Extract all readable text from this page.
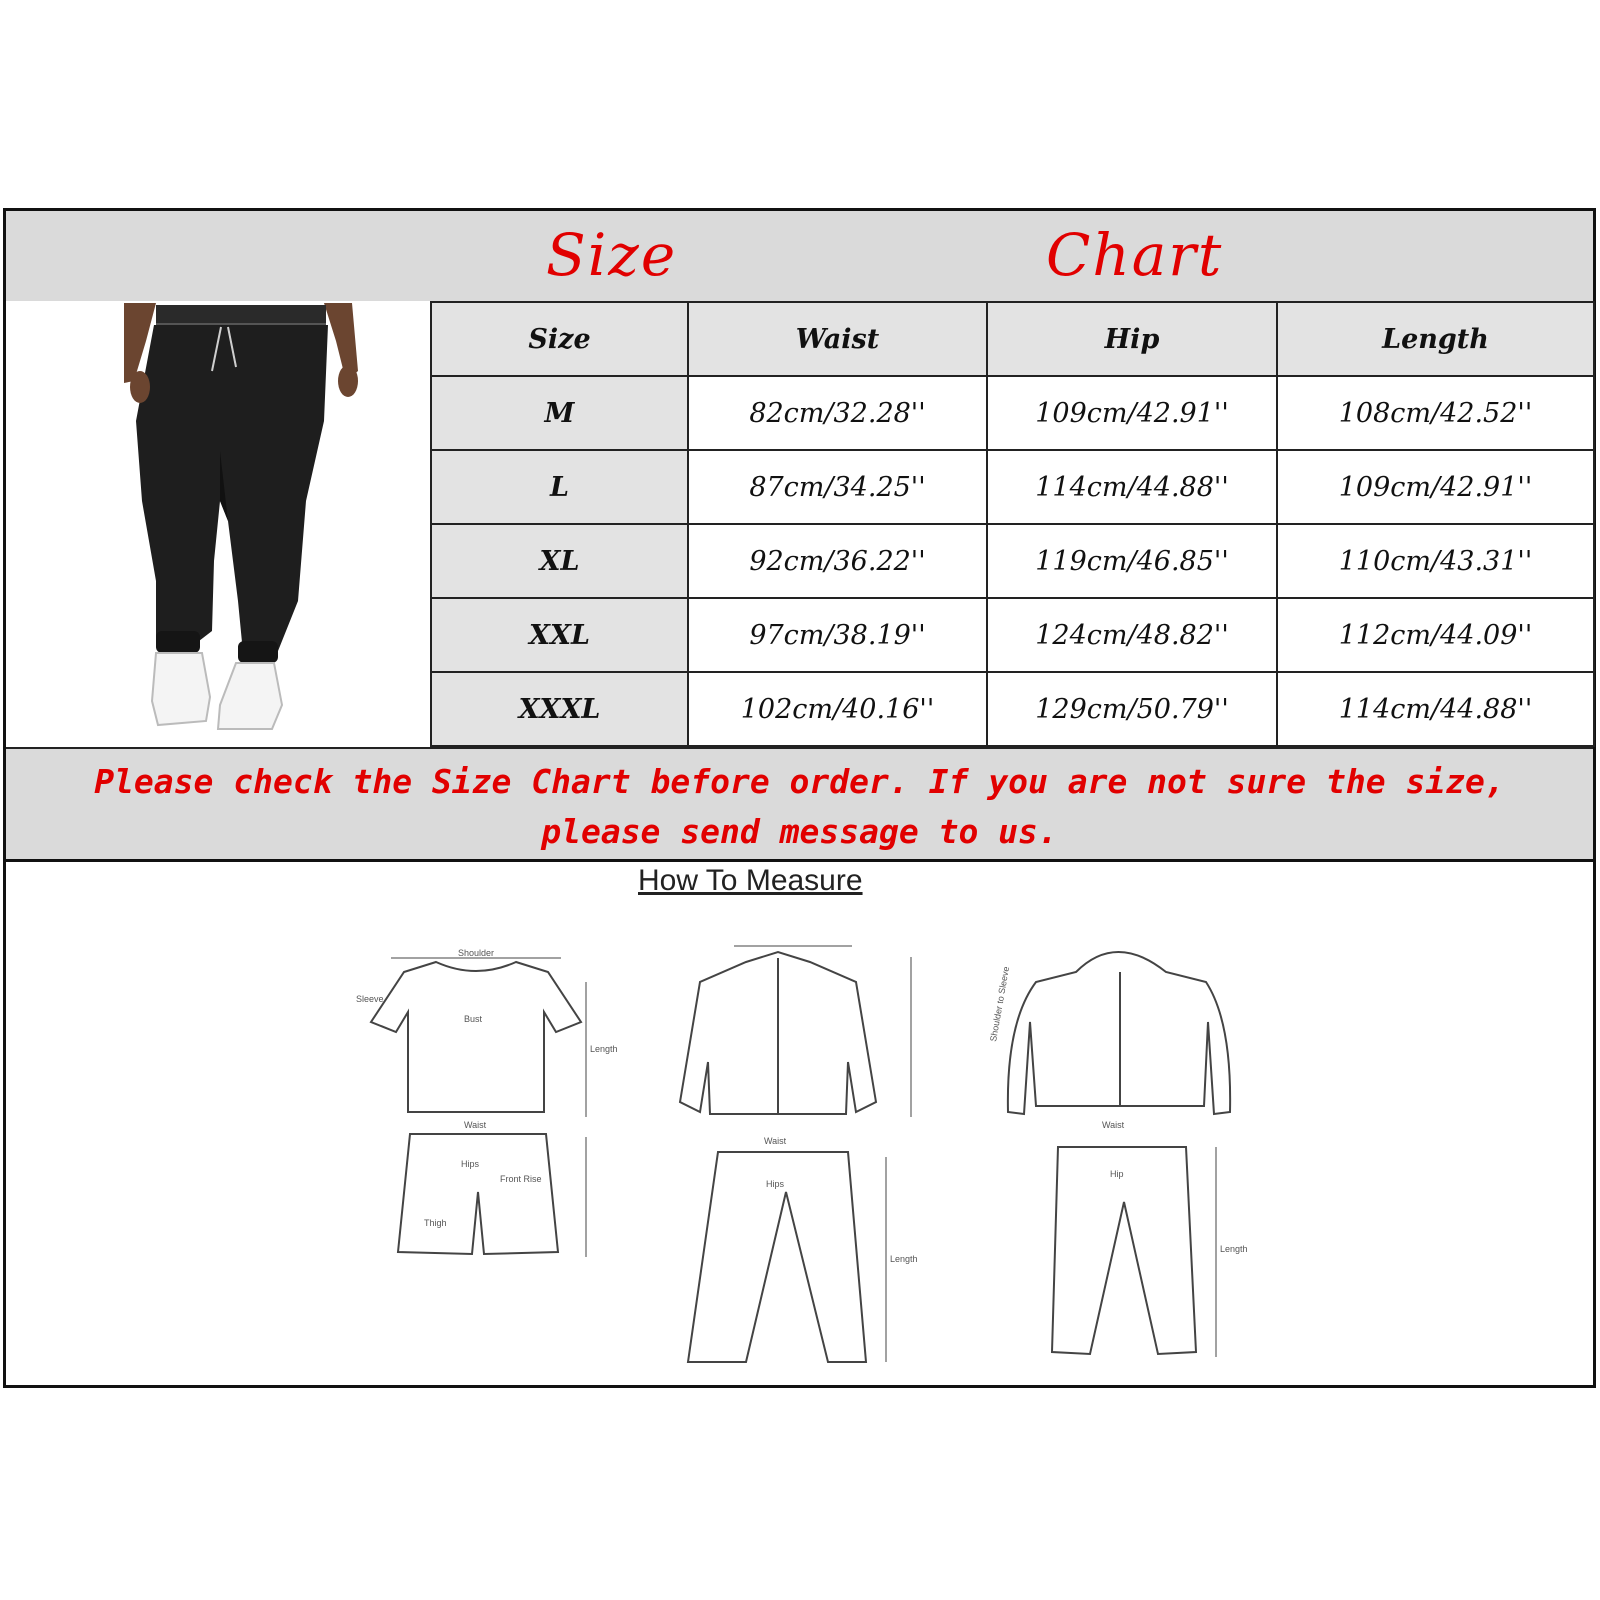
Size	Chart
Size	Waist	Hip	Length
M	82cm/32.28''	109cm/42.91''	108cm/42.52''
L	87cm/34.25''	114cm/44.88''	109cm/42.91''
XL	92cm/36.22''	119cm/46.85''	110cm/43.31''
XXL	97cm/38.19''	124cm/48.82''	112cm/44.09''
XXXL	102cm/40.16''	129cm/50.79''	114cm/44.88''

Please check the Size Chart before order. If you are not sure the size,

please send message to us.

Shoulder
Bust
Length
Sleeve
Waist
Hips
Front Rise
Thigh
Waist
Hips
Length
Waist
Hip
Length
Shoulder to Sleeve
How To Measure
